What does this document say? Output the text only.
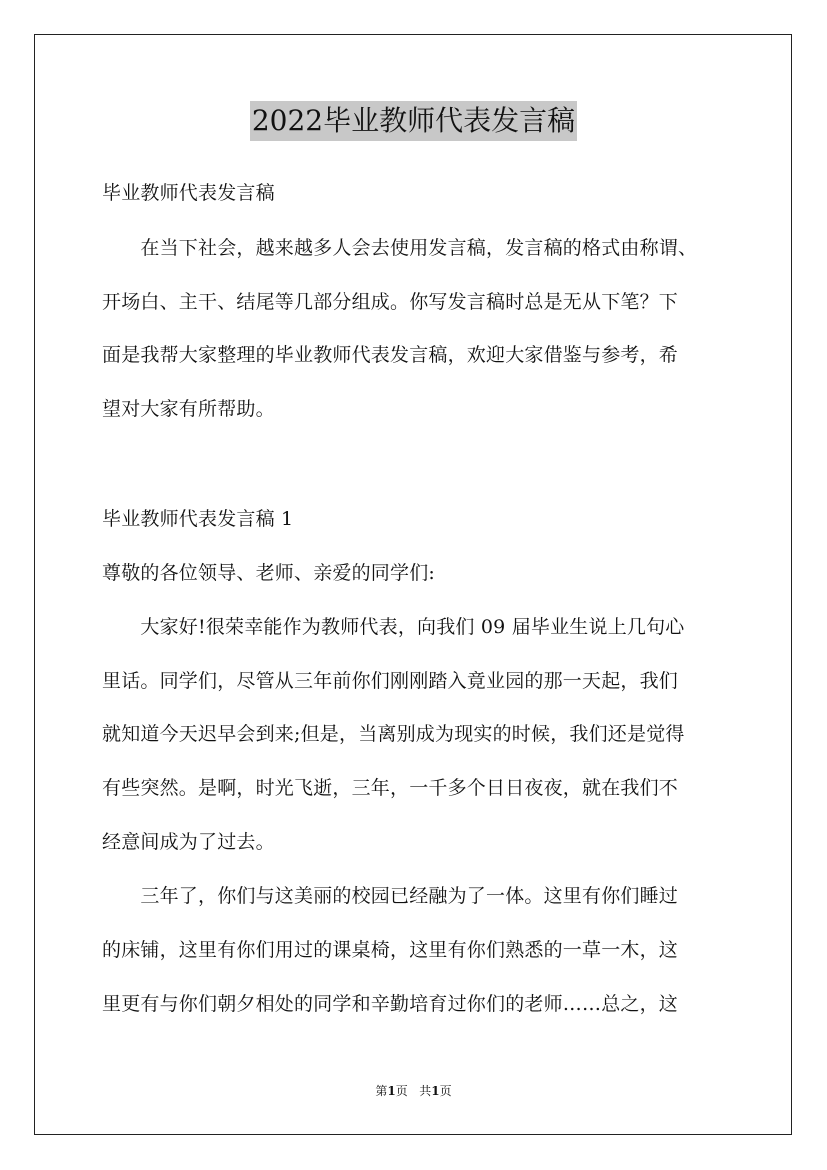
2022毕业教师代表发言稿
毕业教师代表发言稿
　　在当下社会，越来越多人会去使用发言稿，发言稿的格式由称谓、
开场白、主干、结尾等几部分组成。你写发言稿时总是无从下笔？下
面是我帮大家整理的毕业教师代表发言稿，欢迎大家借鉴与参考，希
望对大家有所帮助。
毕业教师代表发言稿 1
尊敬的各位领导、老师、亲爱的同学们:
　　大家好!很荣幸能作为教师代表，向我们 09 届毕业生说上几句心
里话。同学们，尽管从三年前你们刚刚踏入竟业园的那一天起，我们
就知道今天迟早会到来;但是，当离别成为现实的时候，我们还是觉得
有些突然。是啊，时光飞逝，三年，一千多个日日夜夜，就在我们不
经意间成为了过去。
　　三年了，你们与这美丽的校园已经融为了一体。这里有你们睡过
的床铺，这里有你们用过的课桌椅，这里有你们熟悉的一草一木，这
里更有与你们朝夕相处的同学和辛勤培育过你们的老师……总之，这
第1页 共1页
